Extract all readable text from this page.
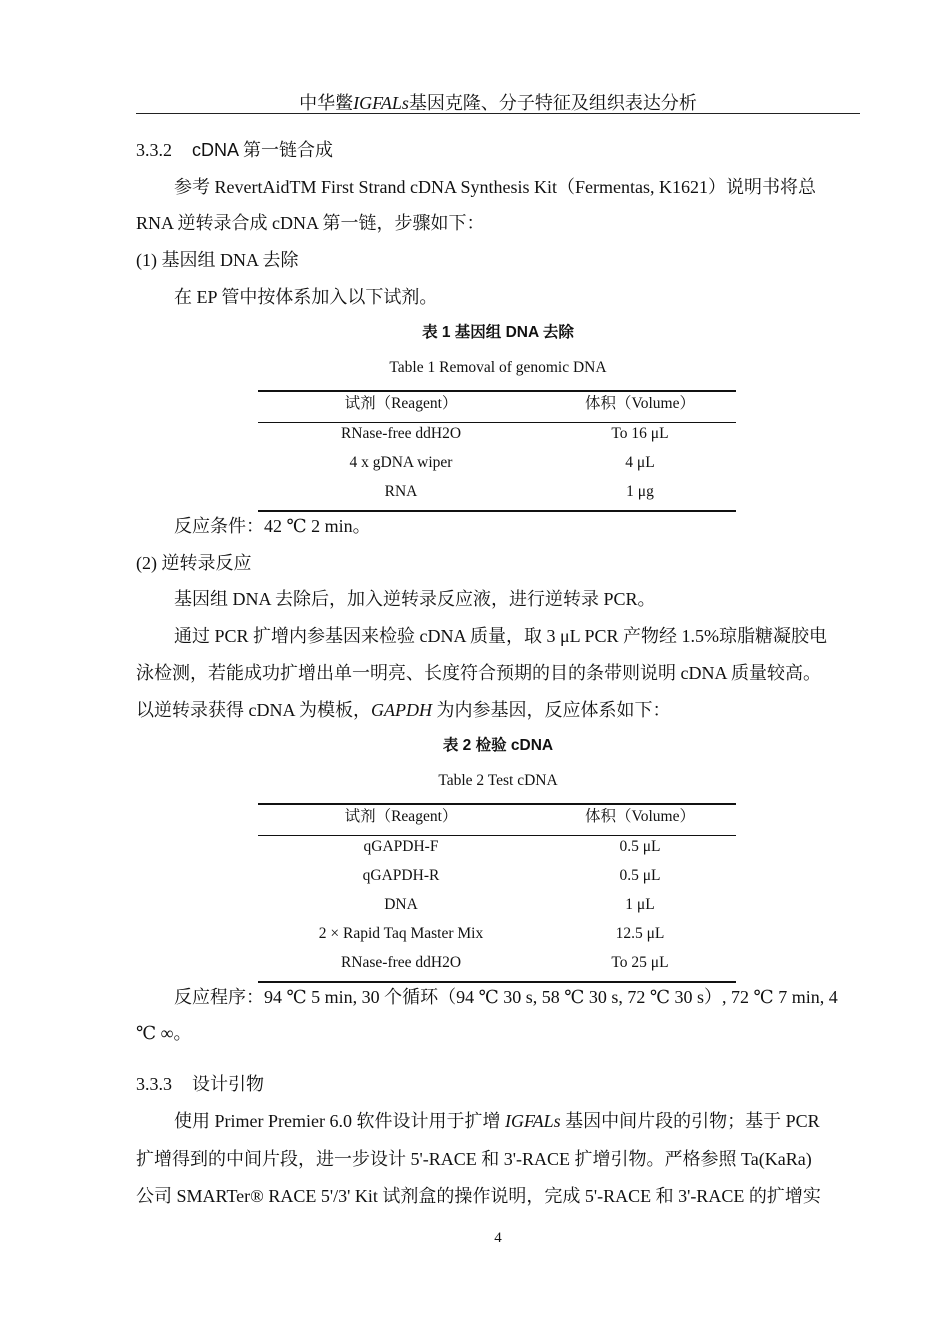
中华鳖IGFALs基因克隆、分子特征及组织表达分析
3.3.2 cDNA 第一链合成
参考 RevertAidTM First Strand cDNA Synthesis Kit（Fermentas, K1621）说明书将总
RNA 逆转录合成 cDNA 第一链，步骤如下：
(1) 基因组 DNA 去除
在 EP 管中按体系加入以下试剂。
表 1 基因组 DNA 去除
Table 1 Removal of genomic DNA
试剂（Reagent）	体积（Volume）
RNase-free ddH2O	To 16 μL
4 x gDNA wiper	4 μL
RNA	1 μg
反应条件：42 ℃ 2 min。
(2) 逆转录反应
基因组 DNA 去除后，加入逆转录反应液，进行逆转录 PCR。
通过 PCR 扩增内参基因来检验 cDNA 质量，取 3 μL PCR 产物经 1.5%琼脂糖凝胶电
泳检测，若能成功扩增出单一明亮、长度符合预期的目的条带则说明 cDNA 质量较高。
以逆转录获得 cDNA 为模板，GAPDH 为内参基因，反应体系如下：
表 2 检验 cDNA
Table 2 Test cDNA
试剂（Reagent）	体积（Volume）
qGAPDH-F	0.5 μL
qGAPDH-R	0.5 μL
DNA	1 μL
2 × Rapid Taq Master Mix	12.5 μL
RNase-free ddH2O	To 25 μL
反应程序：94 ℃ 5 min, 30 个循环（94 ℃ 30 s, 58 ℃ 30 s, 72 ℃ 30 s）, 72 ℃ 7 min, 4
℃ ∞。
3.3.3 设计引物
使用 Primer Premier 6.0 软件设计用于扩增 IGFALs 基因中间片段的引物；基于 PCR
扩增得到的中间片段，进一步设计 5'-RACE 和 3'-RACE 扩增引物。严格参照 Ta(KaRa)
公司 SMARTer® RACE 5'/3' Kit 试剂盒的操作说明，完成 5'-RACE 和 3'-RACE 的扩增实
4
